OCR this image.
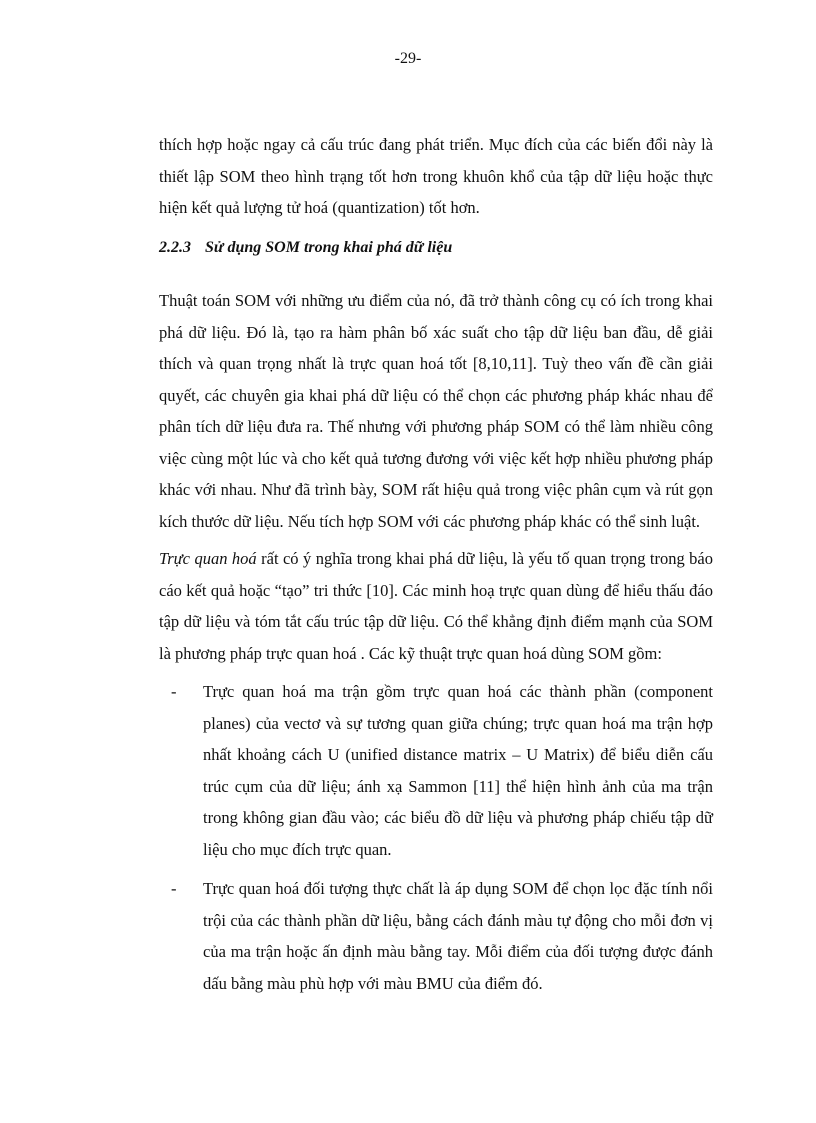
-29-
thích hợp hoặc ngay cả cấu trúc đang phát triển. Mục đích của các biến đổi này là thiết lập SOM theo hình trạng tốt hơn trong khuôn khổ của tập dữ liệu hoặc thực hiện kết quả lượng tử hoá (quantization) tốt hơn.
2.2.3 Sử dụng SOM trong khai phá dữ liệu
Thuật toán SOM với những ưu điểm của nó, đã trở thành công cụ có ích trong khai phá dữ liệu. Đó là, tạo ra hàm phân bố xác suất cho tập dữ liệu ban đầu, dễ giải thích và quan trọng nhất là trực quan hoá tốt [8,10,11]. Tuỳ theo vấn đề cần giải quyết, các chuyên gia khai phá dữ liệu có thể chọn các phương pháp khác nhau để phân tích dữ liệu đưa ra. Thế nhưng với phương pháp SOM có thể làm nhiều công việc cùng một lúc và cho kết quả tương đương với việc kết hợp nhiều phương pháp khác với nhau. Như đã trình bày, SOM rất hiệu quả trong việc phân cụm và rút gọn kích thước dữ liệu. Nếu tích hợp SOM với các phương pháp khác có thể sinh luật.
Trực quan hoá rất có ý nghĩa trong khai phá dữ liệu, là yếu tố quan trọng trong báo cáo kết quả hoặc “tạo” tri thức [10]. Các minh hoạ trực quan dùng để hiểu thấu đáo tập dữ liệu và tóm tắt cấu trúc tập dữ liệu. Có thể khẳng định điểm mạnh của SOM là phương pháp trực quan hoá . Các kỹ thuật trực quan hoá dùng SOM gồm:
-	Trực quan hoá ma trận gồm trực quan hoá các thành phần (component planes) của vectơ và sự tương quan giữa chúng; trực quan hoá ma trận hợp nhất khoảng cách U (unified distance matrix – U Matrix) để biểu diễn cấu trúc cụm của dữ liệu; ánh xạ Sammon [11] thể hiện hình ảnh của ma trận trong không gian đầu vào; các biểu đồ dữ liệu và phương pháp chiếu tập dữ liệu cho mục đích trực quan.
-	Trực quan hoá đối tượng thực chất là áp dụng SOM để chọn lọc đặc tính nổi trội của các thành phần dữ liệu, bằng cách đánh màu tự động cho mỗi đơn vị của ma trận hoặc ấn định màu bằng tay. Mỗi điểm của đối tượng được đánh dấu bằng màu phù hợp với màu BMU của điểm đó.
